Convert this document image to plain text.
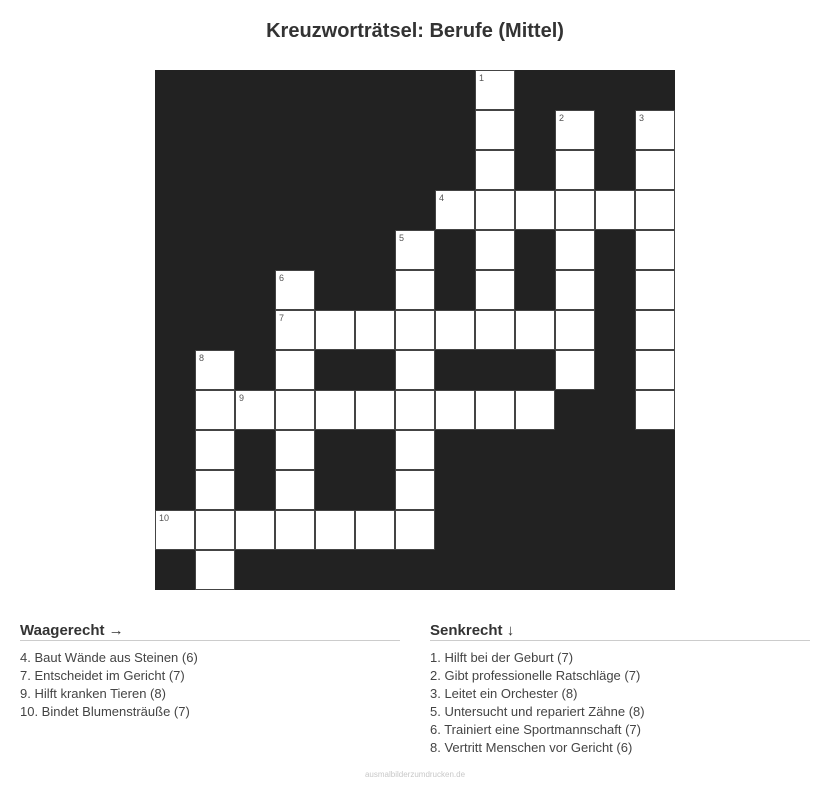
Kreuzworträtsel: Berufe (Mittel)
1
2	3
4
5
6
7
8
9
10
Waagerecht →
4. Baut Wände aus Steinen (6)
7. Entscheidet im Gericht (7)
9. Hilft kranken Tieren (8)
10. Bindet Blumensträuße (7)
Senkrecht ↓
1. Hilft bei der Geburt (7)
2. Gibt professionelle Ratschläge (7)
3. Leitet ein Orchester (8)
5. Untersucht und repariert Zähne (8)
6. Trainiert eine Sportmannschaft (7)
8. Vertritt Menschen vor Gericht (6)
ausmalbilderzumdrucken.de
